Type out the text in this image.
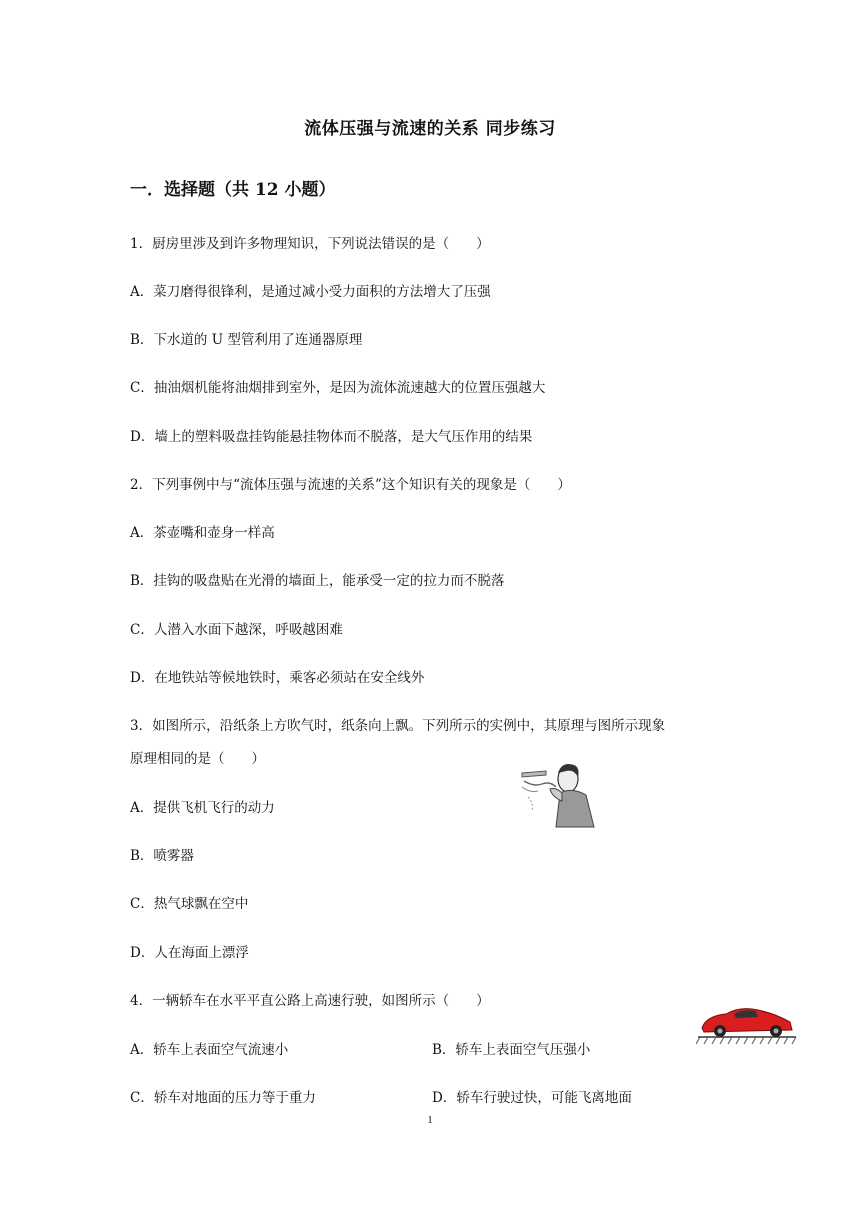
流体压强与流速的关系 同步练习
一．选择题（共 12 小题）
1．厨房里涉及到许多物理知识，下列说法错误的是（　　）
A．菜刀磨得很锋利，是通过减小受力面积的方法增大了压强
B．下水道的 U 型管利用了连通器原理
C．抽油烟机能将油烟排到室外，是因为流体流速越大的位置压强越大
D．墙上的塑料吸盘挂钩能悬挂物体而不脱落，是大气压作用的结果
2．下列事例中与“流体压强与流速的关系”这个知识有关的现象是（　　）
A．茶壶嘴和壶身一样高
B．挂钩的吸盘贴在光滑的墙面上，能承受一定的拉力而不脱落
C．人潜入水面下越深，呼吸越困难
D．在地铁站等候地铁时，乘客必须站在安全线外
3．如图所示，沿纸条上方吹气时，纸条向上飘。下列所示的实例中，其原理与图所示现象
原理相同的是（　　）
A．提供飞机飞行的动力
B．喷雾器
C．热气球飘在空中
D．人在海面上漂浮
4．一辆轿车在水平平直公路上高速行驶，如图所示（　　）
A．轿车上表面空气流速小	B．轿车上表面空气压强小
C．轿车对地面的压力等于重力	D．轿车行驶过快，可能飞离地面
1
